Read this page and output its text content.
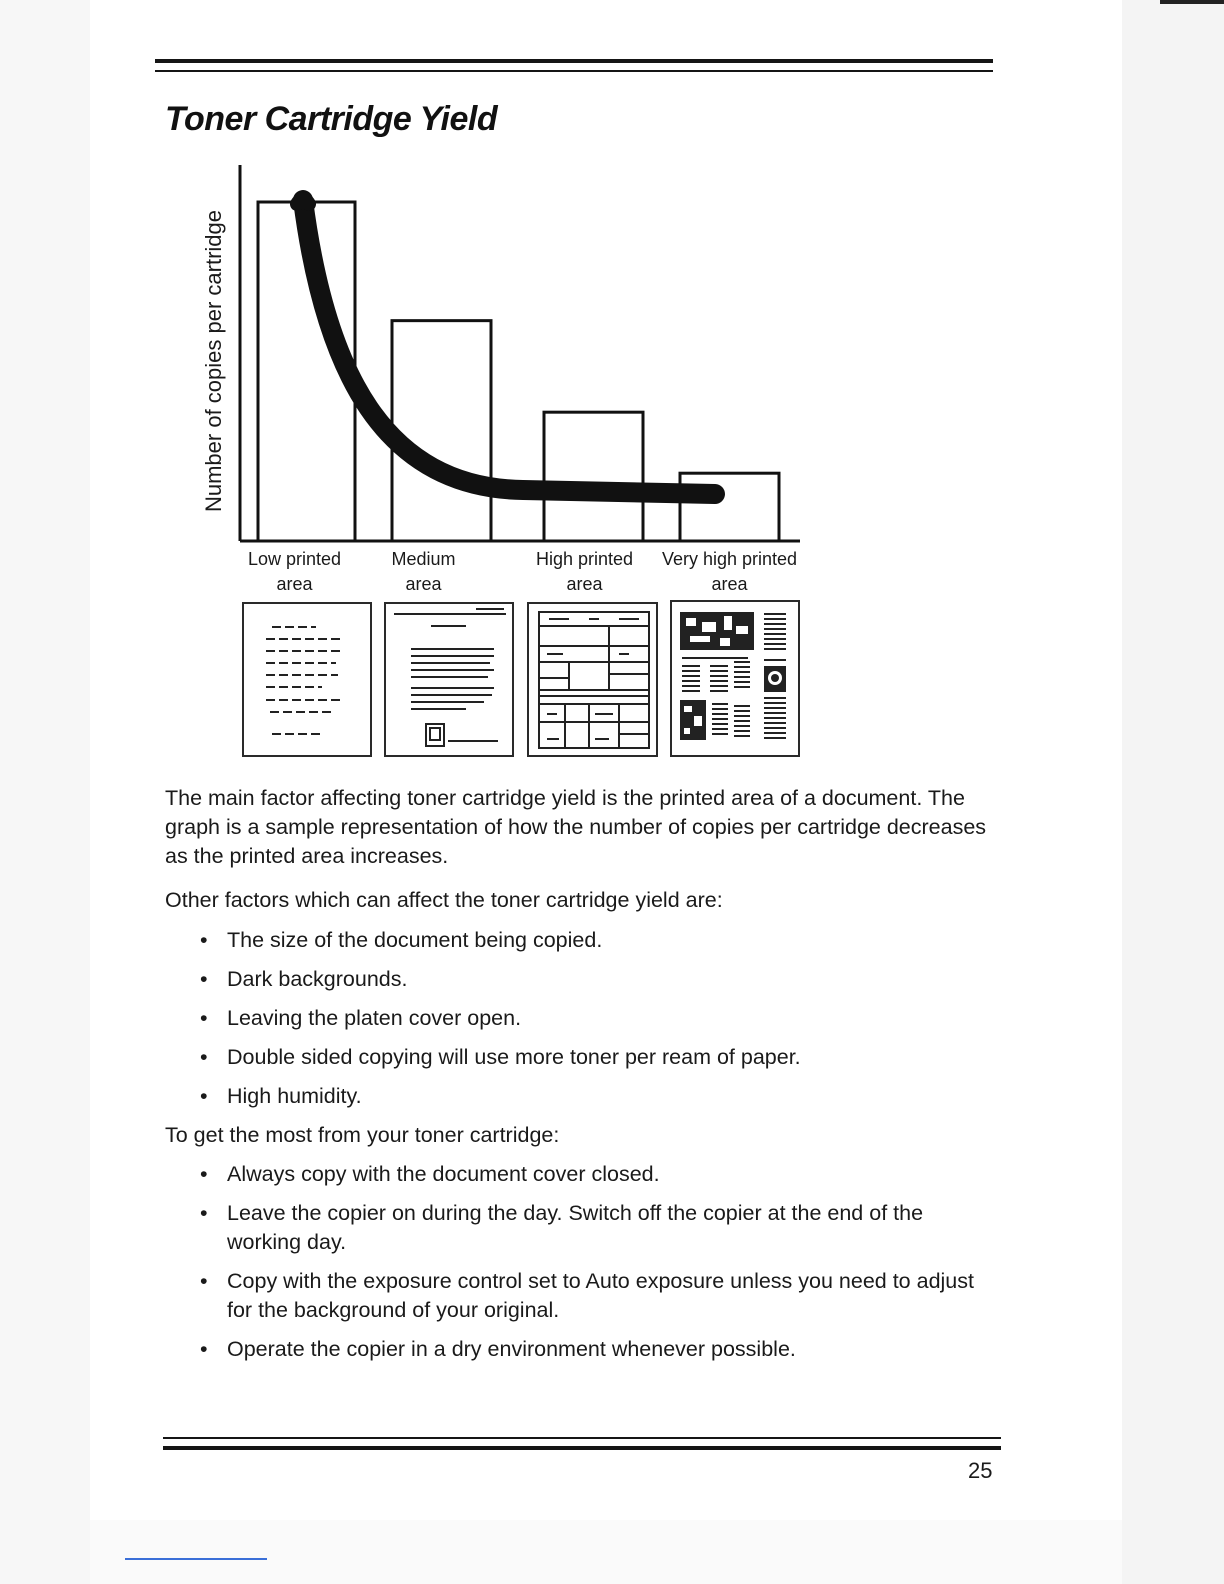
Toner Cartridge Yield
Number of copies per cartridge
Low printed
area
Medium
area
High printed
area
Very high printed
area

The main factor affecting toner cartridge yield is the printed area of a document. The graph is a sample representation of how the number of copies per cartridge decreases as the printed area increases.

Other factors which can affect the toner cartridge yield are:

• The size of the document being copied.
• Dark backgrounds.
• Leaving the platen cover open.
• Double sided copying will use more toner per ream of paper.
• High humidity.

To get the most from your toner cartridge:

• Always copy with the document cover closed.
• Leave the copier on during the day. Switch off the copier at the end of the working day.
• Copy with the exposure control set to Auto exposure unless you need to adjust for the background of your original.
• Operate the copier in a dry environment whenever possible.
25
